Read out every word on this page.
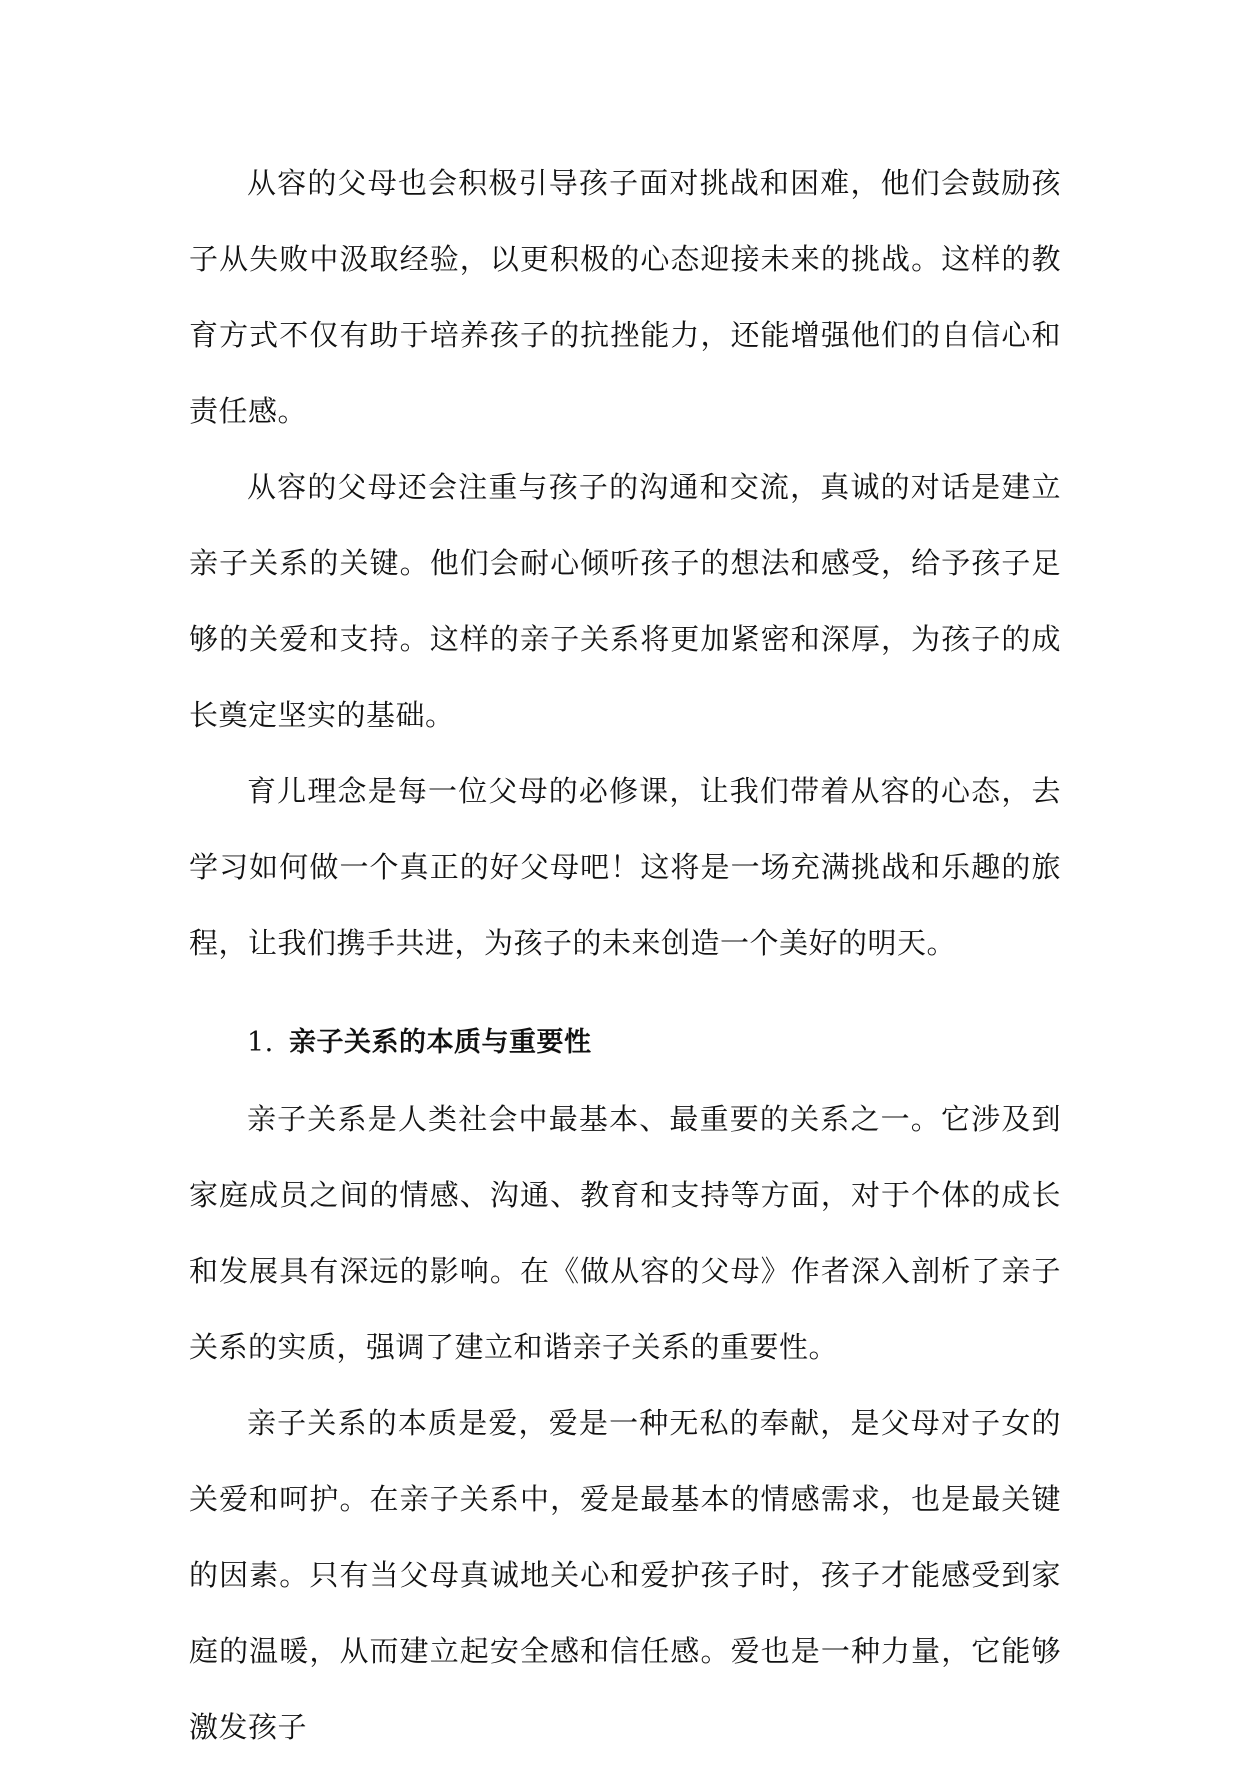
从容的父母也会积极引导孩子面对挑战和困难，他们会鼓励孩子从失败中汲取经验，以更积极的心态迎接未来的挑战。这样的教育方式不仅有助于培养孩子的抗挫能力，还能增强他们的自信心和责任感。

从容的父母还会注重与孩子的沟通和交流，真诚的对话是建立亲子关系的关键。他们会耐心倾听孩子的想法和感受，给予孩子足够的关爱和支持。这样的亲子关系将更加紧密和深厚，为孩子的成长奠定坚实的基础。

育儿理念是每一位父母的必修课，让我们带着从容的心态，去学习如何做一个真正的好父母吧！这将是一场充满挑战和乐趣的旅程，让我们携手共进，为孩子的未来创造一个美好的明天。

1. 亲子关系的本质与重要性

亲子关系是人类社会中最基本、最重要的关系之一。它涉及到家庭成员之间的情感、沟通、教育和支持等方面，对于个体的成长和发展具有深远的影响。在《做从容的父母》作者深入剖析了亲子关系的实质，强调了建立和谐亲子关系的重要性。

亲子关系的本质是爱，爱是一种无私的奉献，是父母对子女的关爱和呵护。在亲子关系中，爱是最基本的情感需求，也是最关键的因素。只有当父母真诚地关心和爱护孩子时，孩子才能感受到家庭的温暖，从而建立起安全感和信任感。爱也是一种力量，它能够激发孩子
